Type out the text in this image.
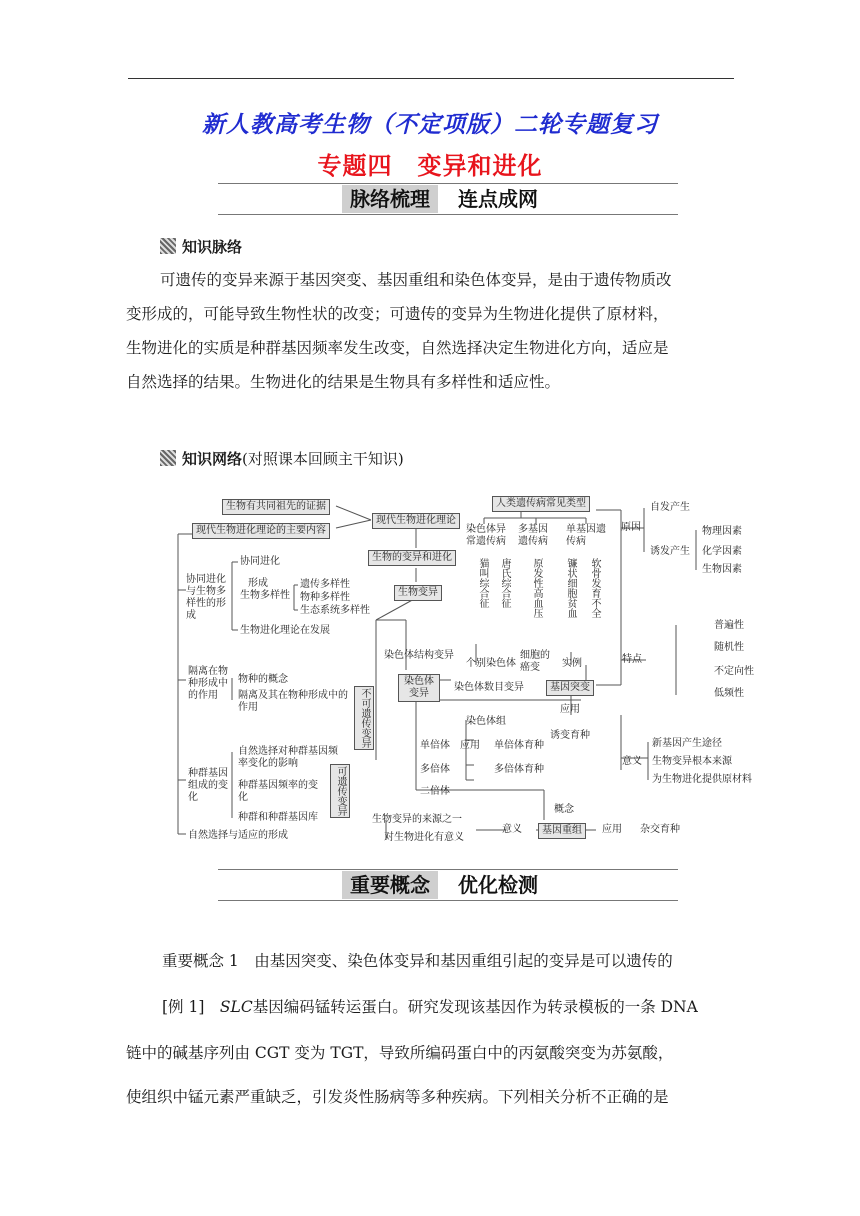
新人教高考生物（不定项版）二轮专题复习
专题四　变异和进化
脉络梳理	连点成网
知识脉络

可遗传的变异来源于基因突变、基因重组和染色体变异，是由于遗传物质改

变形成的，可能导致生物性状的改变；可遗传的变异为生物进化提供了原材料，

生物进化的实质是种群基因频率发生改变，自然选择决定生物进化方向，适应是

自然选择的结果。生物进化的结果是生物具有多样性和适应性。

知识网络(对照课本回顾主干知识)
生物有共同祖先的证据
现代生物进化理论的主要内容
现代生物进化理论
生物的变异和进化
生物变异
协同进化与生物多样性的形成
协同进化
形成
生物多样性
遗传多样性
物种多样性
生态系统多样性
生物进化理论在发展
隔离在物种形成中的作用
物种的概念
隔离及其在物种形成中的作用
种群基因组成的变化
自然选择对种群基因频率变化的影响
种群基因频率的变化
种群和种群基因库
自然选择与适应的形成
不可遗传变异
可遗传变异
人类遗传病常见类型
染色体异常遗传病
多基因遗传病
单基因遗传病
猫叫综合征 唐氏综合征 原发性高血压 镰状细胞贫血 软骨发育不全
染色体结构变异
个别染色体
细胞的癌变	实例
染色体变异
染色体数目变异	基因突变
应用
诱变育种
染色体组
单倍体 应用 单倍体育种
多倍体	多倍体育种
二倍体
原因
自发产生
诱发产生
物理因素
化学因素
生物因素
特点
普遍性
随机性
不定向性
低频性
意义
新基因产生途径
生物变异根本来源
为生物进化提供原材料
概念
基因重组
生物变异的来源之一
对生物进化有意义
意义	应用 杂交育种
重要概念	优化检测
重要概念 1　由基因突变、染色体变异和基因重组引起的变异是可以遗传的
[例 1]　 SLC基因编码锰转运蛋白。研究发现该基因作为转录模板的一条 DNA
链中的碱基序列由 CGT 变为 TGT，导致所编码蛋白中的丙氨酸突变为苏氨酸，
使组织中锰元素严重缺乏，引发炎性肠病等多种疾病。下列相关分析不正确的是
